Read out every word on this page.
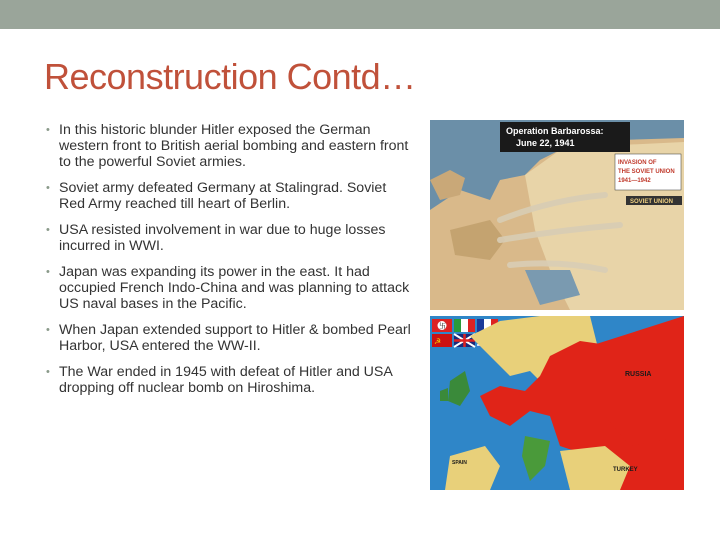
Reconstruction Contd…
• In this historic blunder Hitler exposed the German western front to British aerial bombing and eastern front to the powerful Soviet armies.
• Soviet army defeated Germany at Stalingrad. Soviet Red Army reached till heart of Berlin.
• USA resisted involvement in war due to huge losses incurred in WWI.
• Japan was expanding its power in the east. It had occupied French Indo-China and was planning to attack US naval bases in the Pacific.
• When Japan extended support to Hitler & bombed Pearl Harbor, USA entered the WW-II.
• The War ended in 1945 with defeat of Hitler and USA dropping off nuclear bomb on Hiroshima.
Operation Barbarossa:
June 22, 1941
INVASION OF
THE SOVIET UNION
1941—1942
SOVIET UNION
卐
☭
RUSSIA
TURKEY
SPAIN
